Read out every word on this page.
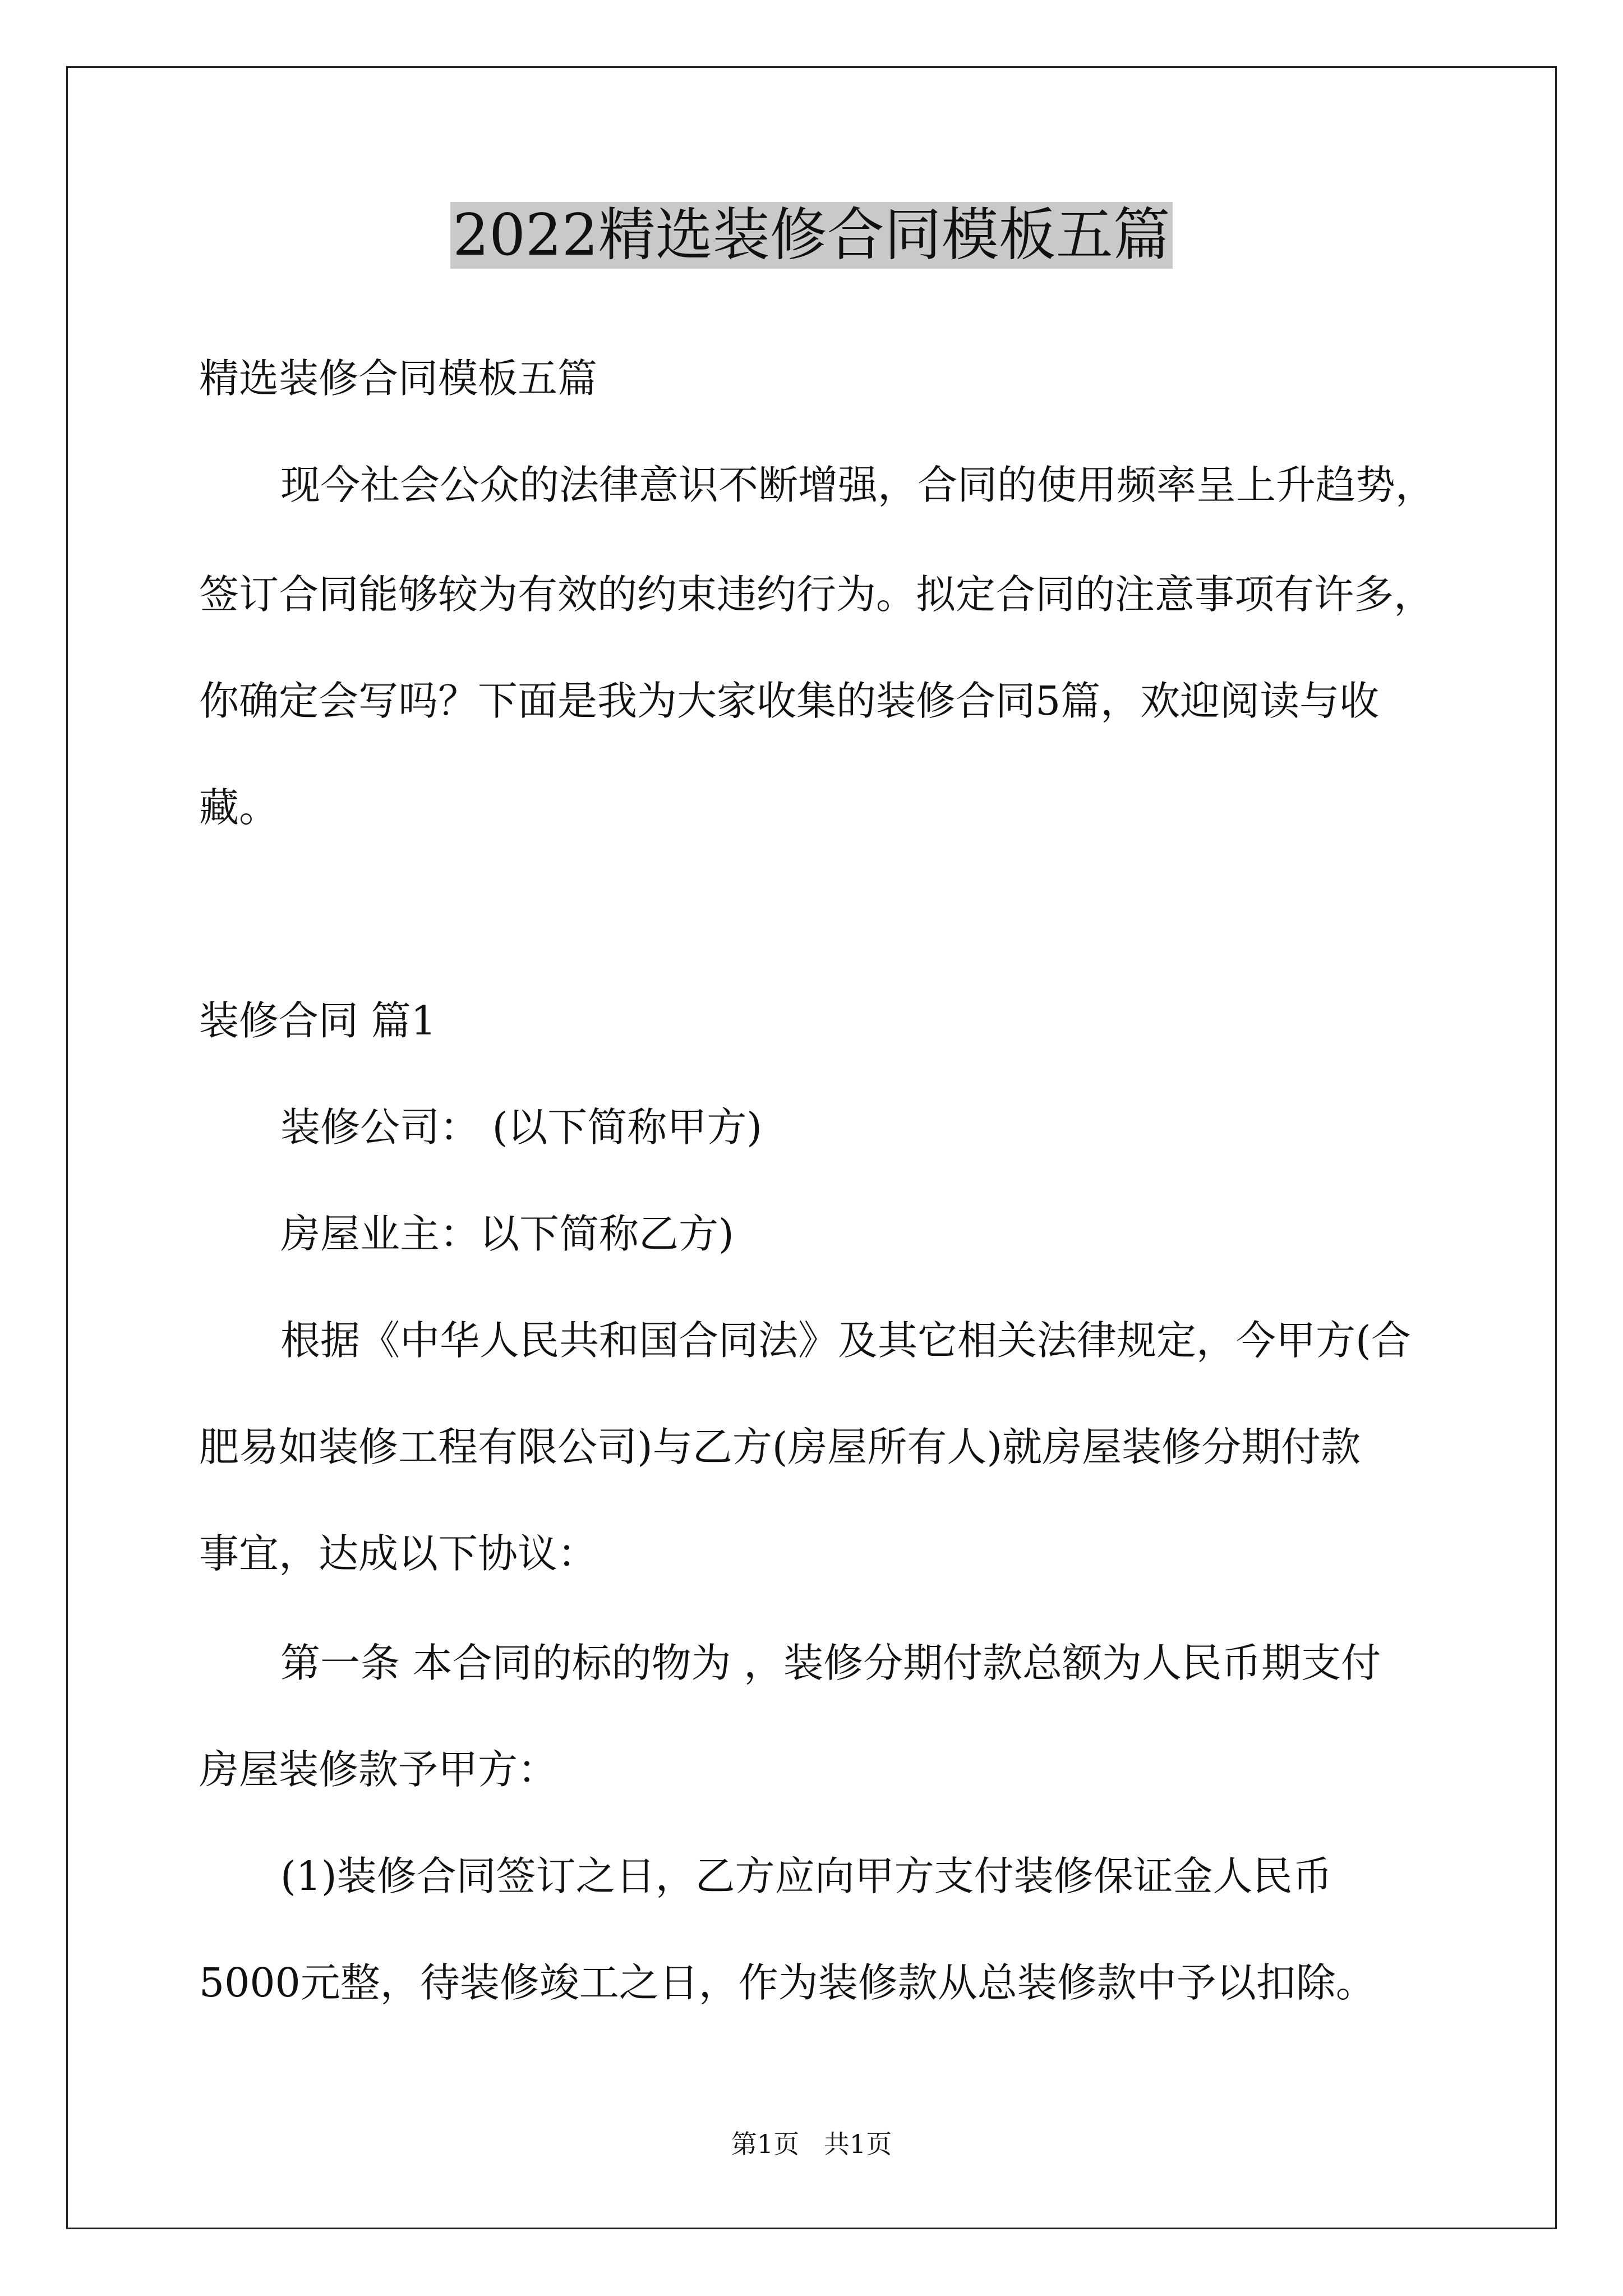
2022精选装修合同模板五篇
精选装修合同模板五篇
现今社会公众的法律意识不断增强，合同的使用频率呈上升趋势，
签订合同能够较为有效的约束违约行为。拟定合同的注意事项有许多，
你确定会写吗？下面是我为大家收集的装修合同5篇，欢迎阅读与收
藏。
装修合同 篇1
装修公司： (以下简称甲方)
房屋业主：以下简称乙方)
根据《中华人民共和国合同法》及其它相关法律规定，今甲方(合
肥易如装修工程有限公司)与乙方(房屋所有人)就房屋装修分期付款
事宜，达成以下协议：
第一条 本合同的标的物为 ，装修分期付款总额为人民币期支付
房屋装修款予甲方：
(1)装修合同签订之日，乙方应向甲方支付装修保证金人民币
5000元整，待装修竣工之日，作为装修款从总装修款中予以扣除。
第1页   共1页
